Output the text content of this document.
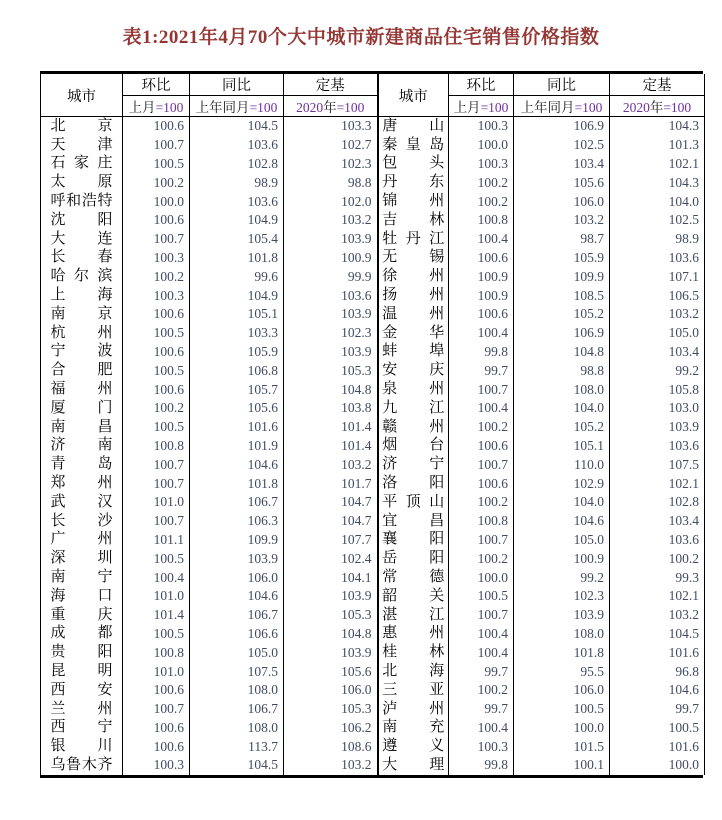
表1:2021年4月70个大中城市新建商品住宅销售价格指数
城市	环比	同比	定基
	上月=100	上年同月=100	2020年=100
北京	100.6	104.5	103.3
天津	100.7	103.6	102.7
石家庄	100.5	102.8	102.3
太原	100.2	98.9	98.8
呼和浩特	100.0	103.6	102.0
沈阳	100.6	104.9	103.2
大连	100.7	105.4	103.9
长春	100.3	101.8	100.9
哈尔滨	100.2	99.6	99.9
上海	100.3	104.9	103.6
南京	100.6	105.1	103.9
杭州	100.5	103.3	102.3
宁波	100.6	105.9	103.9
合肥	100.5	106.8	105.3
福州	100.6	105.7	104.8
厦门	100.2	105.6	103.8
南昌	100.5	101.6	101.4
济南	100.8	101.9	101.4
青岛	100.7	104.6	103.2
郑州	100.7	101.8	101.7
武汉	101.0	106.7	104.7
长沙	100.7	106.3	104.7
广州	101.1	109.9	107.7
深圳	100.5	103.9	102.4
南宁	100.4	106.0	104.1
海口	101.0	104.6	103.9
重庆	101.4	106.7	105.3
成都	100.5	106.6	104.8
贵阳	100.8	105.0	103.9
昆明	101.0	107.5	105.6
西安	100.6	108.0	106.0
兰州	100.7	106.7	105.3
西宁	100.6	108.0	106.2
银川	100.6	113.7	108.6
乌鲁木齐	100.3	104.5	103.2
城市	环比	同比	定基
	上月=100	上年同月=100	2020年=100
唐山	100.3	106.9	104.3
秦皇岛	100.0	102.5	101.3
包头	100.3	103.4	102.1
丹东	100.2	105.6	104.3
锦州	100.2	106.0	104.0
吉林	100.8	103.2	102.5
牡丹江	100.4	98.7	98.9
无锡	100.6	105.9	103.6
徐州	100.9	109.9	107.1
扬州	100.9	108.5	106.5
温州	100.6	105.2	103.2
金华	100.4	106.9	105.0
蚌埠	99.8	104.8	103.4
安庆	99.7	98.8	99.2
泉州	100.7	108.0	105.8
九江	100.4	104.0	103.0
赣州	100.2	105.2	103.9
烟台	100.6	105.1	103.6
济宁	100.7	110.0	107.5
洛阳	100.6	102.9	102.1
平顶山	100.2	104.0	102.8
宜昌	100.8	104.6	103.4
襄阳	100.7	105.0	103.6
岳阳	100.2	100.9	100.2
常德	100.0	99.2	99.3
韶关	100.5	102.3	102.1
湛江	100.7	103.9	103.2
惠州	100.4	108.0	104.5
桂林	100.4	101.8	101.6
北海	99.7	95.5	96.8
三亚	100.2	106.0	104.6
泸州	99.7	100.5	99.7
南充	100.4	100.0	100.5
遵义	100.3	101.5	101.6
大理	99.8	100.1	100.0
